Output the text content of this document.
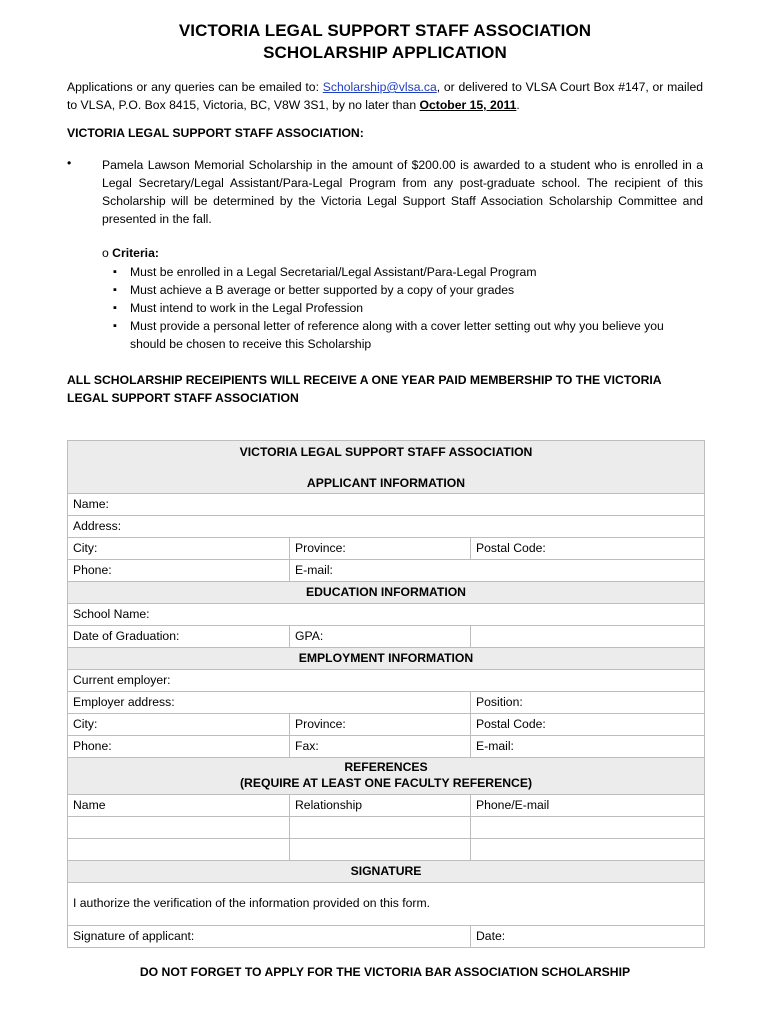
VICTORIA LEGAL SUPPORT STAFF ASSOCIATION
SCHOLARSHIP APPLICATION
Applications or any queries can be emailed to: Scholarship@vlsa.ca, or delivered to VLSA Court Box #147, or mailed to VLSA, P.O. Box 8415, Victoria, BC, V8W 3S1, by no later than October 15, 2011.
VICTORIA LEGAL SUPPORT STAFF ASSOCIATION:
•	Pamela Lawson Memorial Scholarship in the amount of $200.00 is awarded to a student who is enrolled in a Legal Secretary/Legal Assistant/Para-Legal Program from any post-graduate school. The recipient of this Scholarship will be determined by the Victoria Legal Support Staff Association Scholarship Committee and presented in the fall.
o Criteria:
▪ Must be enrolled in a Legal Secretarial/Legal Assistant/Para-Legal Program
▪ Must achieve a B average or better supported by a copy of your grades
▪ Must intend to work in the Legal Profession
▪ Must provide a personal letter of reference along with a cover letter setting out why you believe you should be chosen to receive this Scholarship
ALL SCHOLARSHIP RECEIPIENTS WILL RECEIVE A ONE YEAR PAID MEMBERSHIP TO THE VICTORIA LEGAL SUPPORT STAFF ASSOCIATION
VICTORIA LEGAL SUPPORT STAFF ASSOCIATION
APPLICANT INFORMATION
Name:
Address:
City:	Province:	Postal Code:
Phone:	E-mail:
EDUCATION INFORMATION
School Name:
Date of Graduation:	GPA:
EMPLOYMENT INFORMATION
Current employer:
Employer address:	Position:
City:	Province:	Postal Code:
Phone:	Fax:	E-mail:
REFERENCES
(REQUIRE AT LEAST ONE FACULTY REFERENCE)
Name	Relationship	Phone/E-mail
SIGNATURE
I authorize the verification of the information provided on this form.
Signature of applicant:	Date:
DO NOT FORGET TO APPLY FOR THE VICTORIA BAR ASSOCIATION SCHOLARSHIP
